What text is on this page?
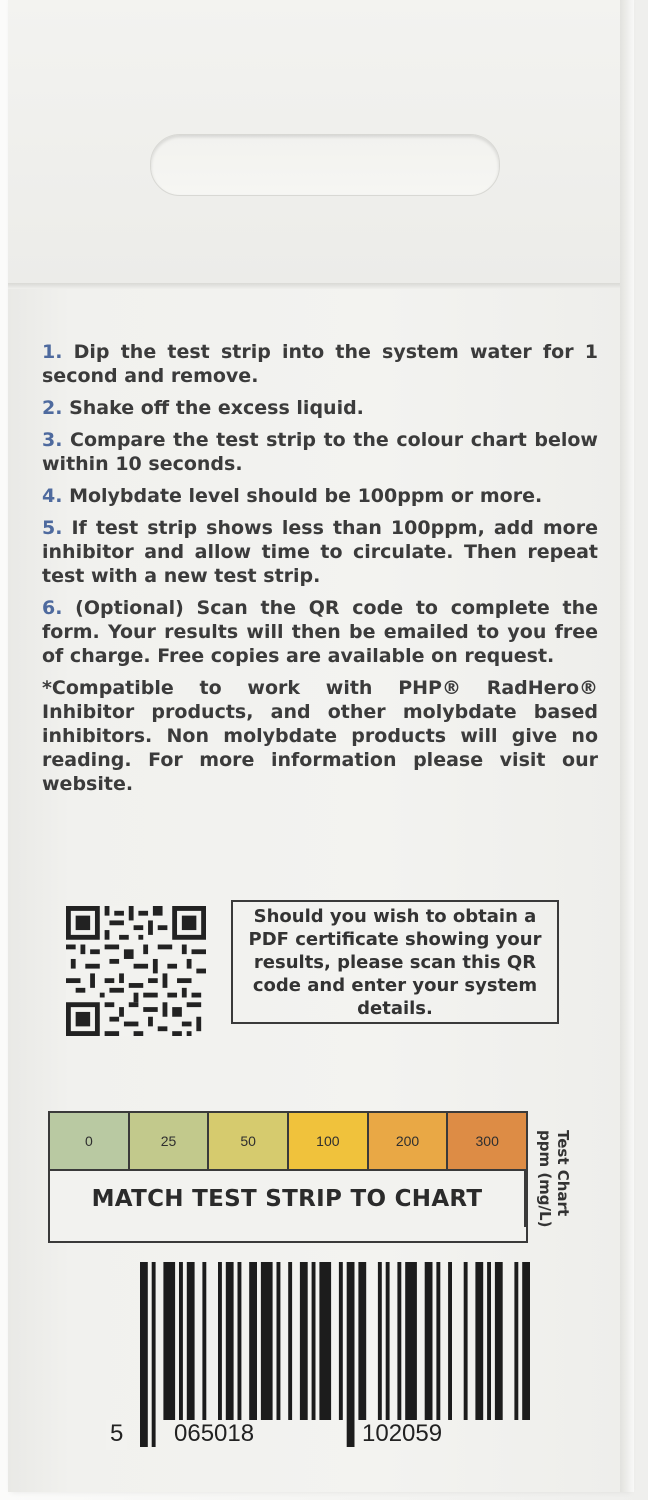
1. Dip the test strip into the system water for 1 second and remove.
2. Shake off the excess liquid.
3. Compare the test strip to the colour chart below within 10 seconds.
4. Molybdate level should be 100ppm or more.
5. If test strip shows less than 100ppm, add more inhibitor and allow time to circulate. Then repeat test with a new test strip.
6. (Optional) Scan the QR code to complete the form. Your results will then be emailed to you free of charge. Free copies are available on request.
*Compatible to work with PHP® RadHero® Inhibitor products, and other molybdate based inhibitors. Non molybdate products will give no reading. For more information please visit our website.
Should you wish to obtain a PDF certificate showing your results, please scan this QR code and enter your system details.
0	25	50	100	200	300
MATCH TEST STRIP TO CHART	Test Chart
ppm (mg/L)
5 065018	102059
